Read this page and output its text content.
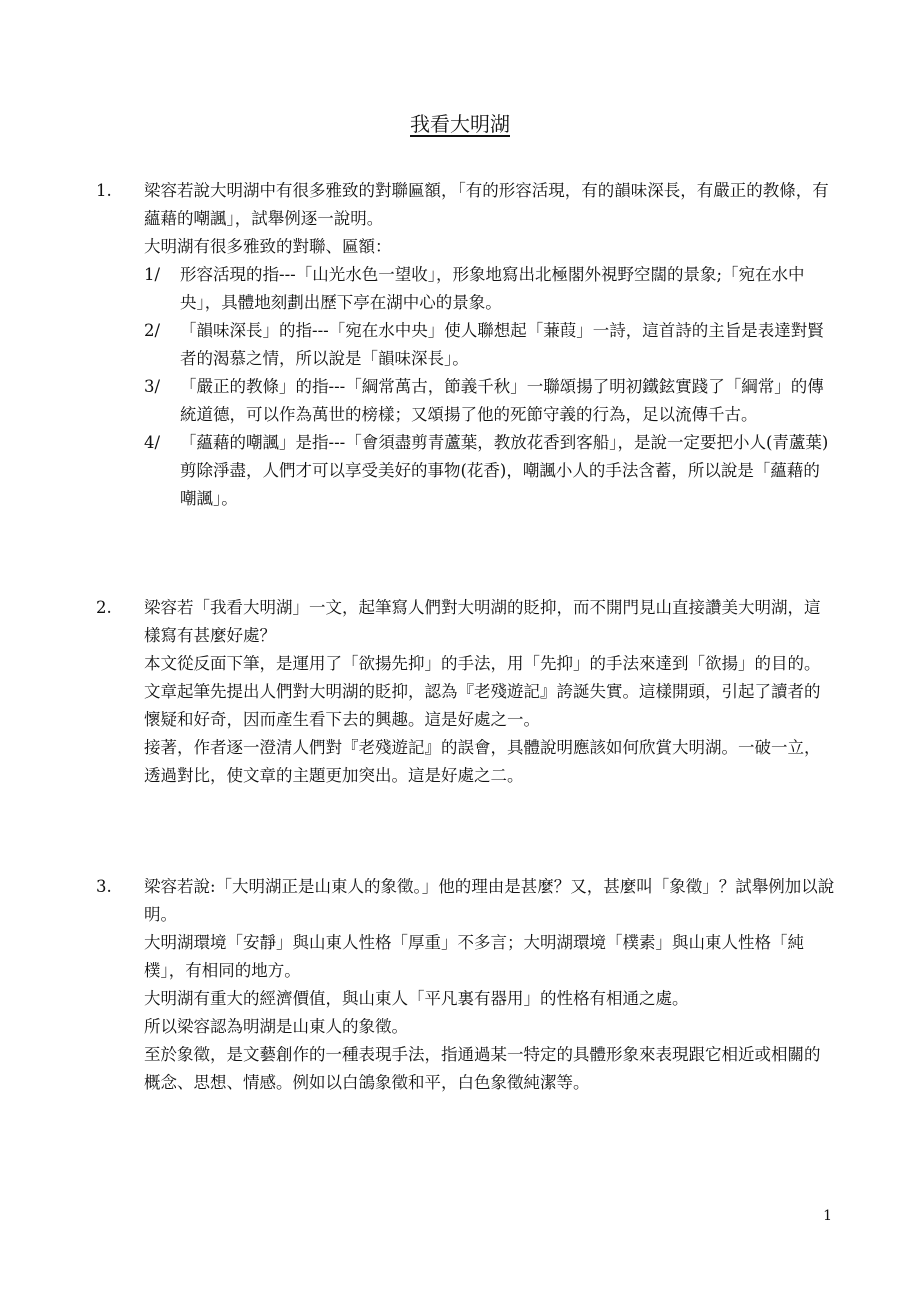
我看大明湖
1.	梁容若說大明湖中有很多雅致的對聯匾額，「有的形容活現，有的韻味深長，有嚴正的教條，有蘊藉的嘲諷」，試舉例逐一說明。

大明湖有很多雅致的對聯、匾額：

1/ 形容活現的指---「山光水色一望收」，形象地寫出北極閣外視野空闊的景象;「宛在水中央」，具體地刻劃出歷下亭在湖中心的景象。
2/ 「韻味深長」的指---「宛在水中央」使人聯想起「蒹葭」一詩，這首詩的主旨是表達對賢者的渴慕之情，所以說是「韻味深長」。
3/ 「嚴正的教條」的指---「綱常萬古，節義千秋」一聯頌揚了明初鐵鉉實踐了「綱常」的傳統道德，可以作為萬世的榜樣；又頌揚了他的死節守義的行為，足以流傳千古。
4/ 「蘊藉的嘲諷」是指---「會須盡剪青蘆葉，教放花香到客船」，是說一定要把小人(青蘆葉)剪除淨盡，人們才可以享受美好的事物(花香)，嘲諷小人的手法含蓄，所以說是「蘊藉的嘲諷」。
2.	梁容若「我看大明湖」一文，起筆寫人們對大明湖的貶抑，而不開門見山直接讚美大明湖，這樣寫有甚麼好處？

本文從反面下筆，是運用了「欲揚先抑」的手法，用「先抑」的手法來達到「欲揚」的目的。

文章起筆先提出人們對大明湖的貶抑，認為『老殘遊記』誇誕失實。這樣開頭，引起了讀者的懷疑和好奇，因而產生看下去的興趣。這是好處之一。

接著，作者逐一澄清人們對『老殘遊記』的誤會，具體說明應該如何欣賞大明湖。一破一立，透過對比，使文章的主題更加突出。這是好處之二。

3.	梁容若說:「大明湖正是山東人的象徵。」他的理由是甚麼？又，甚麼叫「象徵」？試舉例加以說明。

大明湖環境「安靜」與山東人性格「厚重」不多言；大明湖環境「樸素」與山東人性格「純樸」，有相同的地方。

大明湖有重大的經濟價值，與山東人「平凡裏有器用」的性格有相通之處。

所以梁容認為明湖是山東人的象徵。

至於象徵，是文藝創作的一種表現手法，指通過某一特定的具體形象來表現跟它相近或相關的概念、思想、情感。例如以白鴿象徵和平，白色象徵純潔等。

1
